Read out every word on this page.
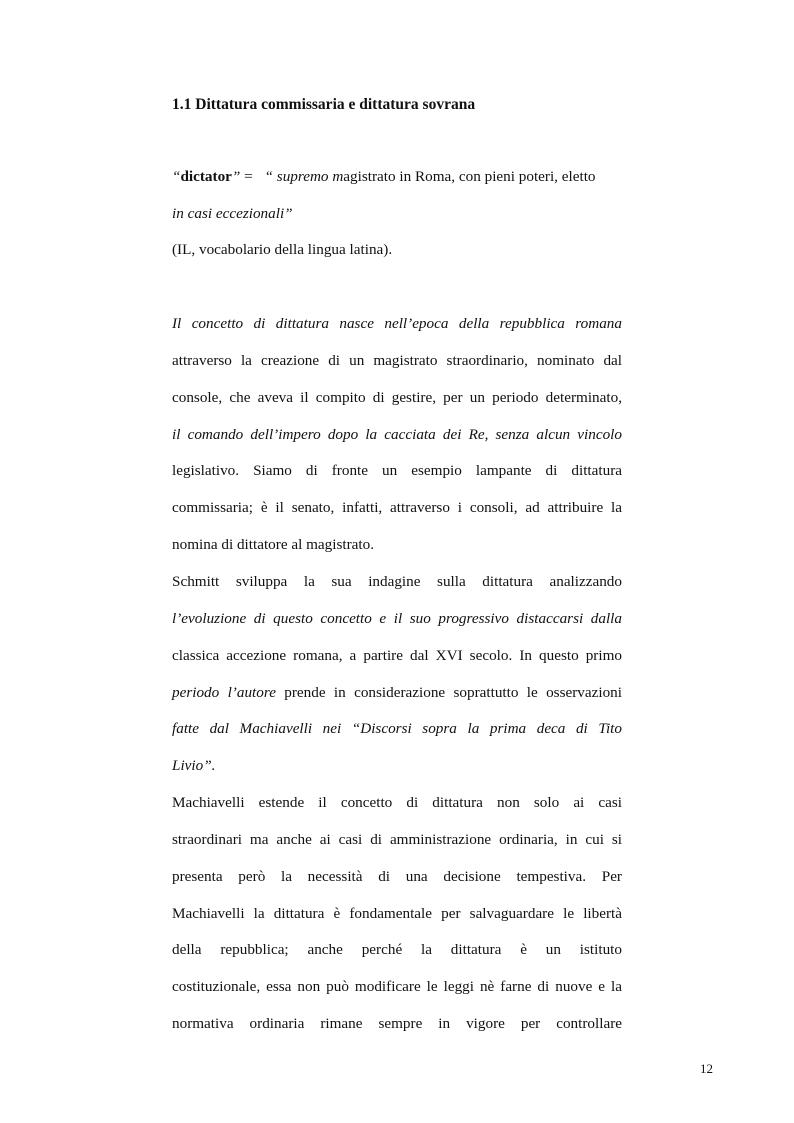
1.1 Dittatura commissaria e dittatura sovrana
“dictator” = “ supremo magistrato in Roma, con pieni poteri, eletto
in casi eccezionali”
(IL, vocabolario della lingua latina).
Il concetto di dittatura nasce nell’epoca della repubblica romana
attraverso la creazione di un magistrato straordinario, nominato dal
console, che aveva il compito di gestire, per un periodo determinato,
il comando dell’impero dopo la cacciata dei Re, senza alcun vincolo
legislativo. Siamo di fronte un esempio lampante di dittatura
commissaria; è il senato, infatti, attraverso i consoli, ad attribuire la
nomina di dittatore al magistrato.
Schmitt sviluppa la sua indagine sulla dittatura analizzando
l’evoluzione di questo concetto e il suo progressivo distaccarsi dalla
classica accezione romana, a partire dal XVI secolo. In questo primo
periodo l’autore prende in considerazione soprattutto le osservazioni
fatte dal Machiavelli nei “Discorsi sopra la prima deca di Tito
Livio”.
Machiavelli estende il concetto di dittatura non solo ai casi
straordinari ma anche ai casi di amministrazione ordinaria, in cui si
presenta però la necessità di una decisione tempestiva. Per
Machiavelli la dittatura è fondamentale per salvaguardare le libertà
della repubblica; anche perché la dittatura è un istituto
costituzionale, essa non può modificare le leggi nè farne di nuove e la
normativa ordinaria rimane sempre in vigore per controllare
12
